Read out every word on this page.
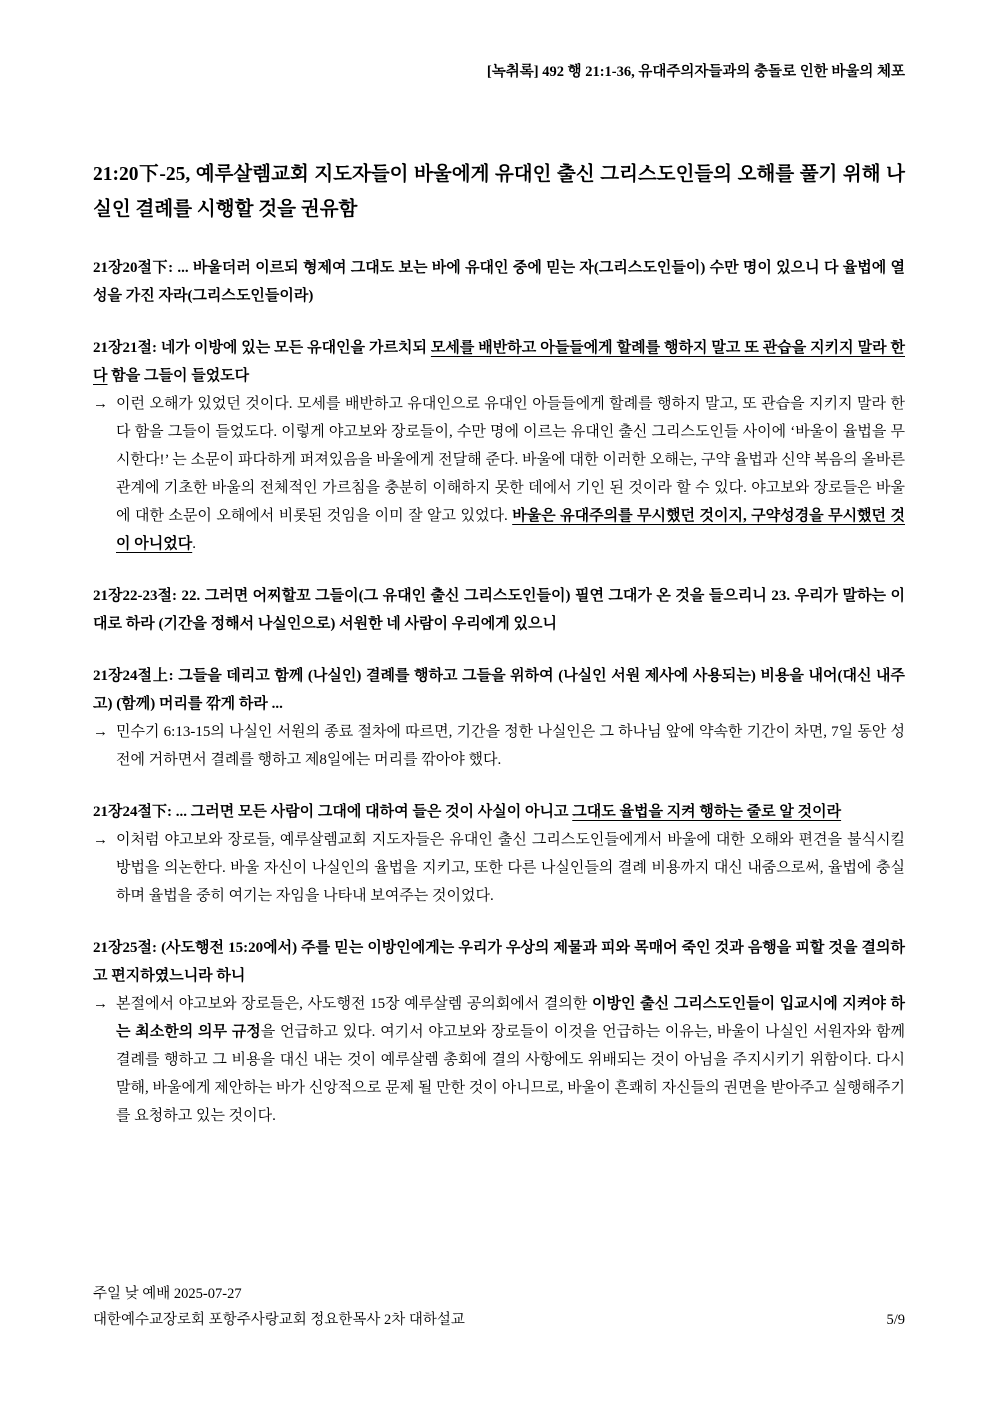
[녹취록] 492 행 21:1-36, 유대주의자들과의 충돌로 인한 바울의 체포
21:20下-25, 예루살렘교회 지도자들이 바울에게 유대인 출신 그리스도인들의 오해를 풀기 위해 나실인 결례를 시행할 것을 권유함

21장20절下: ... 바울더러 이르되 형제여 그대도 보는 바에 유대인 중에 믿는 자(그리스도인들이) 수만 명이 있으니 다 율법에 열성을 가진 자라(그리스도인들이라)

21장21절: 네가 이방에 있는 모든 유대인을 가르치되 모세를 배반하고 아들들에게 할례를 행하지 말고 또 관습을 지키지 말라 한다 함을 그들이 들었도다

→ 이런 오해가 있었던 것이다. 모세를 배반하고 유대인으로 유대인 아들들에게 할례를 행하지 말고, 또 관습을 지키지 말라 한다 함을 그들이 들었도다. 이렇게 야고보와 장로들이, 수만 명에 이르는 유대인 출신 그리스도인들 사이에 ‘바울이 율법을 무시한다!’ 는 소문이 파다하게 퍼져있음을 바울에게 전달해 준다. 바울에 대한 이러한 오해는, 구약 율법과 신약 복음의 올바른 관계에 기초한 바울의 전체적인 가르침을 충분히 이해하지 못한 데에서 기인 된 것이라 할 수 있다. 야고보와 장로들은 바울에 대한 소문이 오해에서 비롯된 것임을 이미 잘 알고 있었다. 바울은 유대주의를 무시했던 것이지, 구약성경을 무시했던 것이 아니었다.

21장22-23절: 22. 그러면 어찌할꼬 그들이(그 유대인 출신 그리스도인들이) 필연 그대가 온 것을 들으리니 23. 우리가 말하는 이대로 하라 (기간을 정해서 나실인으로) 서원한 네 사람이 우리에게 있으니

21장24절上: 그들을 데리고 함께 (나실인) 결례를 행하고 그들을 위하여 (나실인 서원 제사에 사용되는) 비용을 내어(대신 내주고) (함께) 머리를 깎게 하라 ...

→ 민수기 6:13-15의 나실인 서원의 종료 절차에 따르면, 기간을 정한 나실인은 그 하나님 앞에 약속한 기간이 차면, 7일 동안 성전에 거하면서 결례를 행하고 제8일에는 머리를 깎아야 했다.

21장24절下: ... 그러면 모든 사람이 그대에 대하여 들은 것이 사실이 아니고 그대도 율법을 지켜 행하는 줄로 알 것이라

→ 이처럼 야고보와 장로들, 예루살렘교회 지도자들은 유대인 출신 그리스도인들에게서 바울에 대한 오해와 편견을 불식시킬 방법을 의논한다. 바울 자신이 나실인의 율법을 지키고, 또한 다른 나실인들의 결례 비용까지 대신 내줌으로써, 율법에 충실하며 율법을 중히 여기는 자임을 나타내 보여주는 것이었다.

21장25절: (사도행전 15:20에서) 주를 믿는 이방인에게는 우리가 우상의 제물과 피와 목매어 죽인 것과 음행을 피할 것을 결의하고 편지하였느니라 하니

→ 본절에서 야고보와 장로들은, 사도행전 15장 예루살렘 공의회에서 결의한 이방인 출신 그리스도인들이 입교시에 지켜야 하는 최소한의 의무 규정을 언급하고 있다. 여기서 야고보와 장로들이 이것을 언급하는 이유는, 바울이 나실인 서원자와 함께 결례를 행하고 그 비용을 대신 내는 것이 예루살렘 총회에 결의 사항에도 위배되는 것이 아님을 주지시키기 위함이다. 다시 말해, 바울에게 제안하는 바가 신앙적으로 문제 될 만한 것이 아니므로, 바울이 흔쾌히 자신들의 권면을 받아주고 실행해주기를 요청하고 있는 것이다.

주일 낮 예배 2025-07-27
대한예수교장로회 포항주사랑교회 정요한목사 2차 대하설교	5/9
